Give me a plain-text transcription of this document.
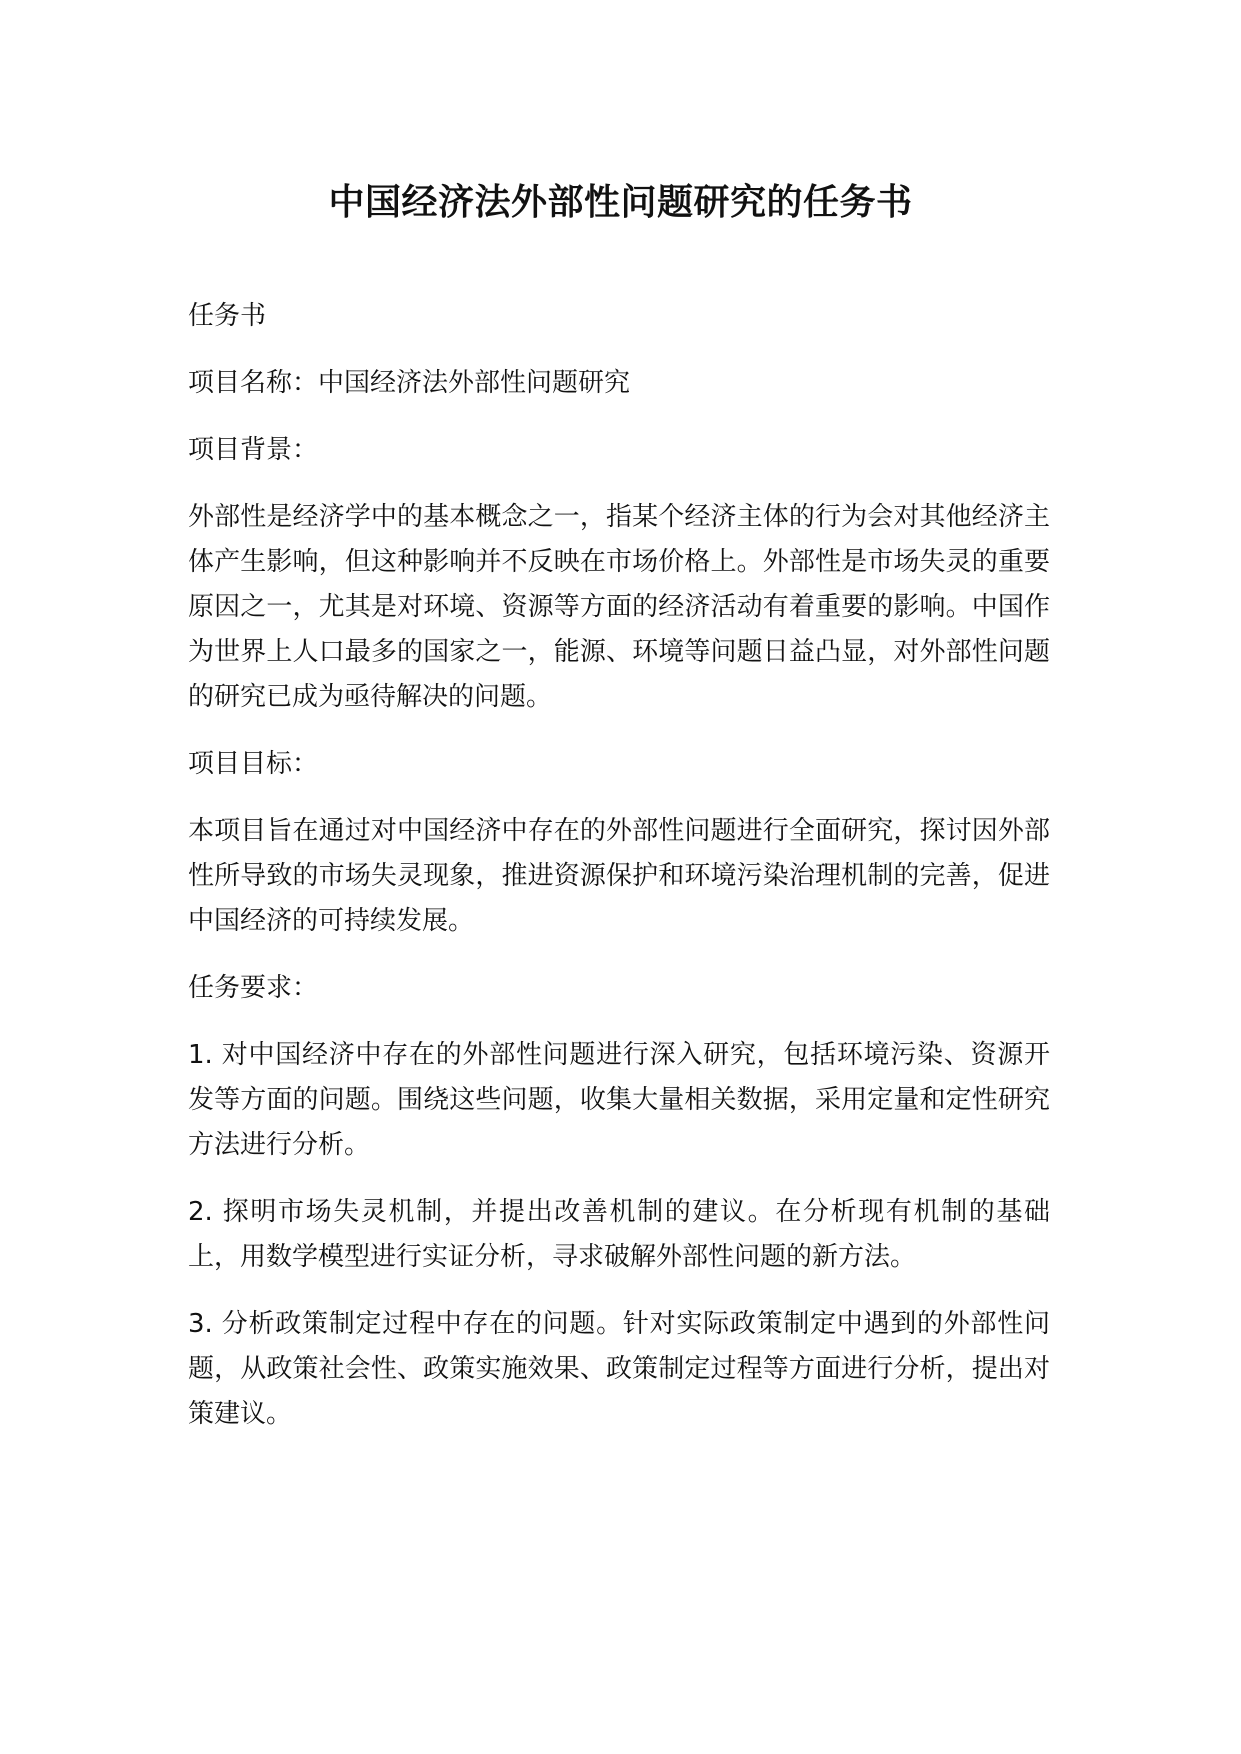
中国经济法外部性问题研究的任务书

任务书

项目名称：中国经济法外部性问题研究

项目背景：

外部性是经济学中的基本概念之一，指某个经济主体的行为会对其他经济主体产生影响，但这种影响并不反映在市场价格上。外部性是市场失灵的重要原因之一，尤其是对环境、资源等方面的经济活动有着重要的影响。中国作为世界上人口最多的国家之一，能源、环境等问题日益凸显，对外部性问题的研究已成为亟待解决的问题。

项目目标：

本项目旨在通过对中国经济中存在的外部性问题进行全面研究，探讨因外部性所导致的市场失灵现象，推进资源保护和环境污染治理机制的完善，促进中国经济的可持续发展。

任务要求：

1. 对中国经济中存在的外部性问题进行深入研究，包括环境污染、资源开发等方面的问题。围绕这些问题，收集大量相关数据，采用定量和定性研究方法进行分析。

2. 探明市场失灵机制，并提出改善机制的建议。在分析现有机制的基础上，用数学模型进行实证分析，寻求破解外部性问题的新方法。

3. 分析政策制定过程中存在的问题。针对实际政策制定中遇到的外部性问题，从政策社会性、政策实施效果、政策制定过程等方面进行分析，提出对策建议。
